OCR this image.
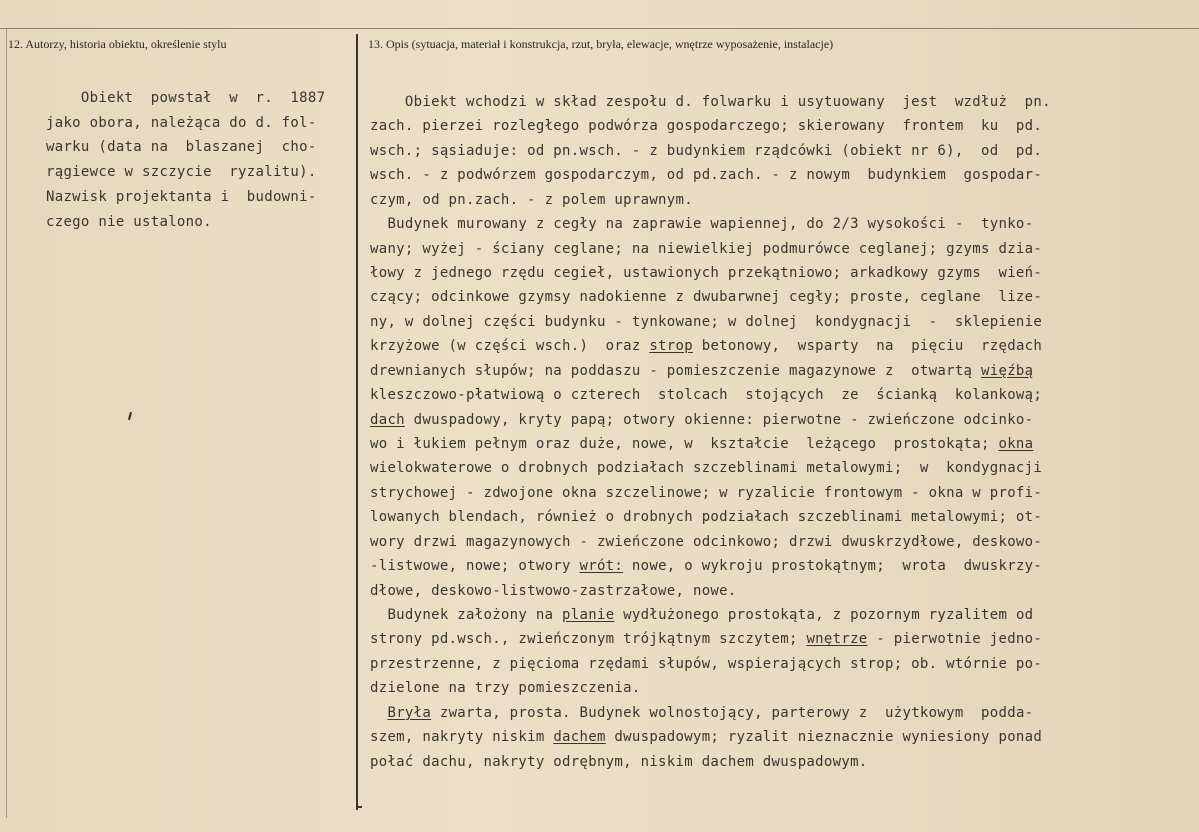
12. Autorzy, historia obiektu, określenie stylu	13. Opis (sytuacja, materiał i konstrukcja, rzut, bryła, elewacje, wnętrze wyposażenie, instalacje)
Obiekt  powstał  w  r.  1887
jako obora, należąca do d. fol-
warku (data na  blaszanej  cho-
rągiewce w szczycie  ryzalitu).
Nazwisk projektanta i  budowni-
czego nie ustalono.
Obiekt wchodzi w skład zespołu d. folwarku i usytuowany  jest  wzdłuż  pn.
zach. pierzei rozległego podwórza gospodarczego; skierowany  frontem  ku  pd.
wsch.; sąsiaduje: od pn.wsch. - z budynkiem rządcówki (obiekt nr 6),  od  pd.
wsch. - z podwórzem gospodarczym, od pd.zach. - z nowym  budynkiem  gospodar-
czym, od pn.zach. - z polem uprawnym.
Budynek murowany z cegły na zaprawie wapiennej, do 2/3 wysokości -  tynko-
wany; wyżej - ściany ceglane; na niewielkiej podmurówce ceglanej; gzyms dzia-
łowy z jednego rzędu cegieł, ustawionych przekątniowo; arkadkowy gzyms  wień-
czący; odcinkowe gzymsy nadokienne z dwubarwnej cegły; proste, ceglane  lize-
ny, w dolnej części budynku - tynkowane; w dolnej  kondygnacji  -  sklepienie
krzyżowe (w części wsch.)  oraz strop betonowy,  wsparty  na  pięciu  rzędach
drewnianych słupów; na poddaszu - pomieszczenie magazynowe z  otwartą więźbą
kleszczowo-płatwiową o czterech  stolcach  stojących  ze  ścianką  kolankową;
dach dwuspadowy, kryty papą; otwory okienne: pierwotne - zwieńczone odcinko-
wo i łukiem pełnym oraz duże, nowe, w  kształcie  leżącego  prostokąta; okna
wielokwaterowe o drobnych podziałach szczeblinami metalowymi;  w  kondygnacji
strychowej - zdwojone okna szczelinowe; w ryzalicie frontowym - okna w profi-
lowanych blendach, również o drobnych podziałach szczeblinami metalowymi; ot-
wory drzwi magazynowych - zwieńczone odcinkowo; drzwi dwuskrzydłowe, deskowo-
-listwowe, nowe; otwory wrót: nowe, o wykroju prostokątnym;  wrota  dwuskrzy-
dłowe, deskowo-listwowo-zastrzałowe, nowe.
Budynek założony na planie wydłużonego prostokąta, z pozornym ryzalitem od
strony pd.wsch., zwieńczonym trójkątnym szczytem; wnętrze - pierwotnie jedno-
przestrzenne, z pięcioma rzędami słupów, wspierających strop; ob. wtórnie po-
dzielone na trzy pomieszczenia.
Bryła zwarta, prosta. Budynek wolnostojący, parterowy z  użytkowym  podda-
szem, nakryty niskim dachem dwuspadowym; ryzalit nieznacznie wyniesiony ponad
połać dachu, nakryty odrębnym, niskim dachem dwuspadowym.
